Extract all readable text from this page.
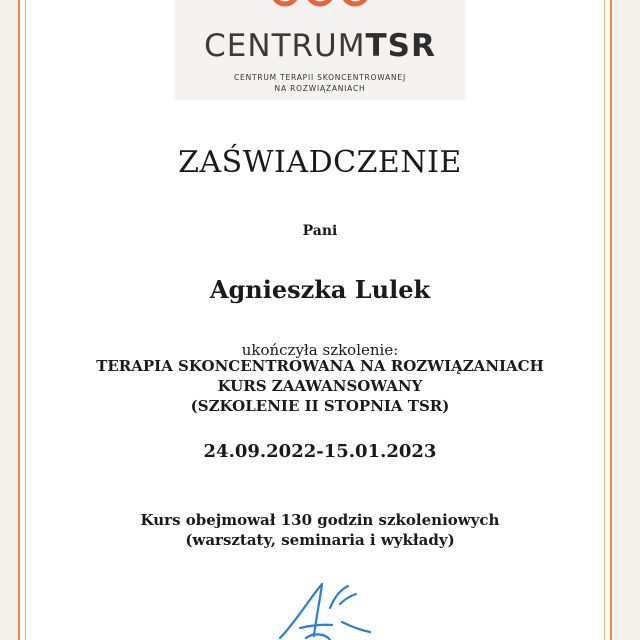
CENTRUMTSR
CENTRUM TERAPII SKONCENTROWANEJ
NA ROZWIĄZANIACH
ZAŚWIADCZENIE
Pani
Agnieszka Lulek
ukończyła szkolenie:
TERAPIA SKONCENTROWANA NA ROZWIĄZANIACH
KURS ZAAWANSOWANY
(SZKOLENIE II STOPNIA TSR)
24.09.2022-15.01.2023
Kurs obejmował 130 godzin szkoleniowych
(warsztaty, seminaria i wykłady)
